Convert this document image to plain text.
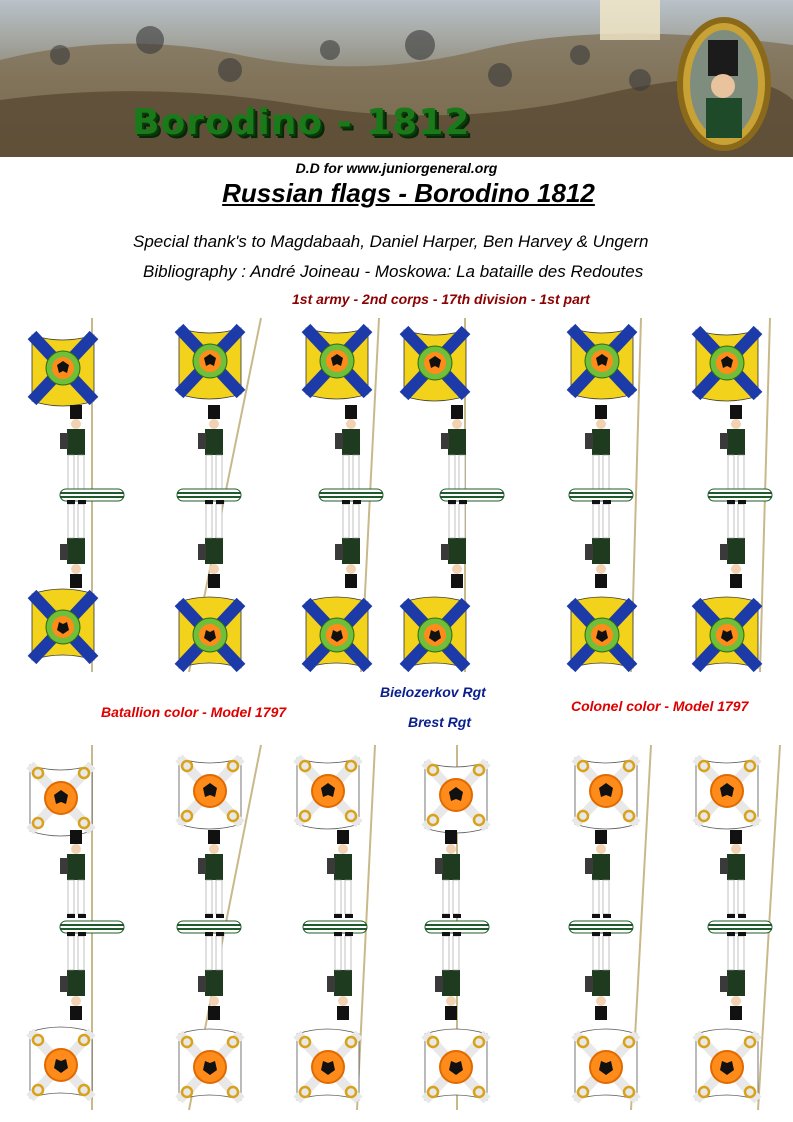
Borodino - 1812
D.D for www.juniorgeneral.org
Russian flags - Borodino 1812
Special thank's to Magdabaah, Daniel Harper, Ben Harvey & Ungern
Bibliography : André Joineau - Moskowa: La bataille des Redoutes
1st army - 2nd corps - 17th division - 1st part
Batallion color - Model 1797
Bielozerkov Rgt
Brest Rgt
Colonel color - Model 1797
